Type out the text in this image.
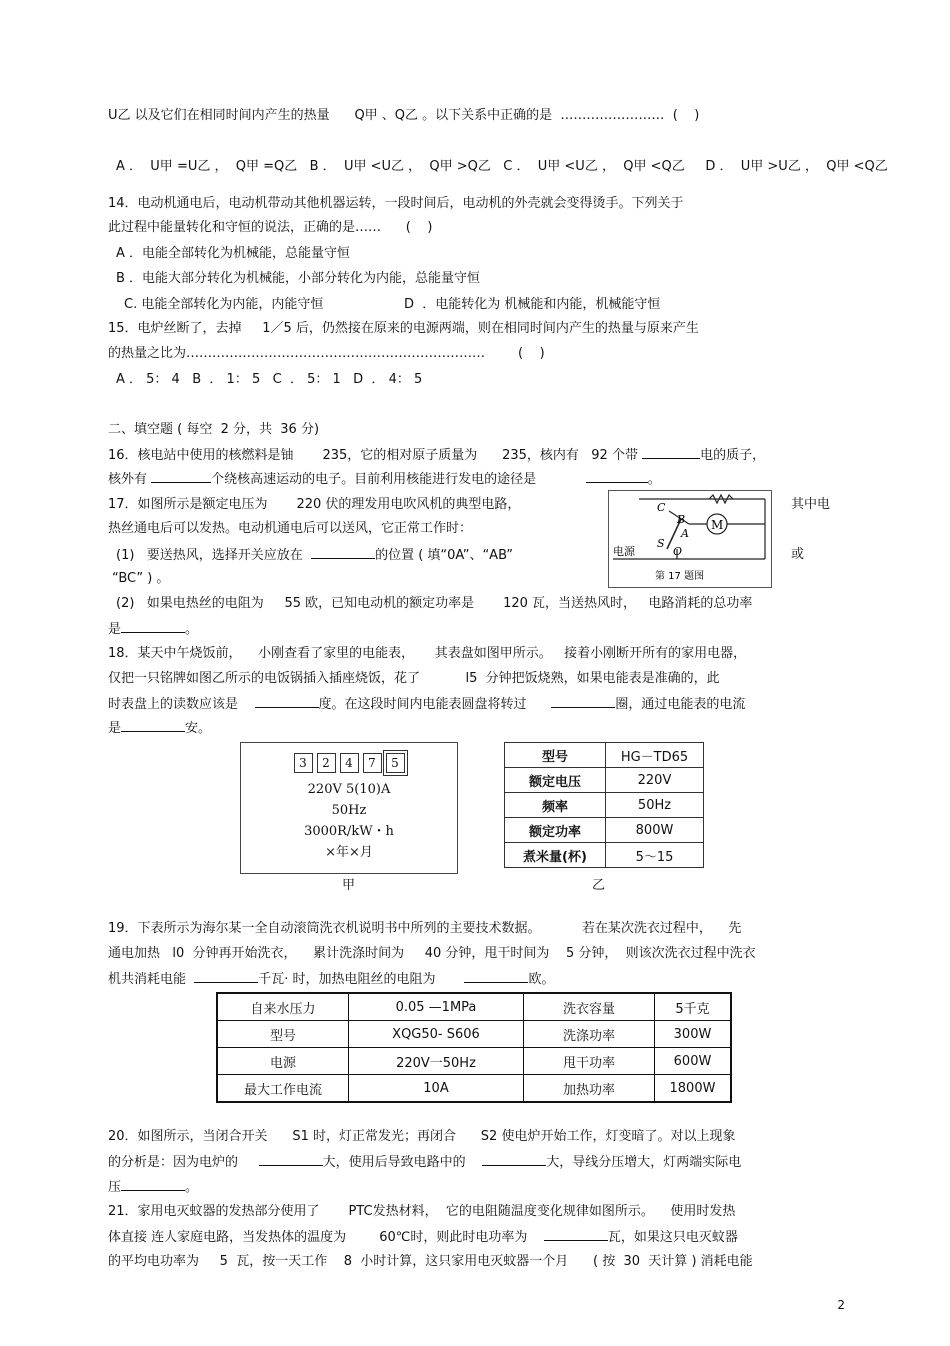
U乙 以及它们在相同时间内产生的热量      Q甲 、Q乙 。以下关系中正确的是  ……………………  (    )
A ．  U甲 =U乙 ，  Q甲 =Q乙   B ．  U甲 <U乙 ，  Q甲 >Q乙   C ．  U甲 <U乙 ，  Q甲 <Q乙     D ．  U甲 >U乙 ，  Q甲 <Q乙
14．电动机通电后，电动机带动其他机器运转，一段时间后，电动机的外壳就会变得烫手。下列关于
此过程中能量转化和守恒的说法，正确的是……      (    )
A ．电能全部转化为机械能，总能量守恒
B ．电能大部分转化为机械能，小部分转化为内能，总能量守恒
C. 电能全部转化为内能，内能守恒	D  ．电能转化为 机械能和内能，机械能守恒
15．电炉丝断了，去掉     1／5 后，仍然接在原来的电源两端，则在相同时间内产生的热量与原来产生
的热量之比为……………………………………………………………        (    )
A ． 5： 4   B  ． 1： 5   C  ． 5： 1   D  ． 4： 5
二、填空题 ( 每空  2 分，共  36 分)
16．核电站中使用的核燃料是铀       235，它的相对原子质量为      235，核内有   92 个带	电的质子，
核外有	个绕核高速运动的电子。目前利用核能进行发电的途径是	。
17．如图所示是额定电压为       220 伏的理发用电吹风机的典型电路，	其中电
热丝通电后可以发热。电动机通电后可以送风，它正常工作时：
(1)   要送热风，选择开关应放在	的位置 ( 填“0A”、“AB”	或
“BC” ) 。
(2)   如果电热丝的电阻为     55 欧，已知电动机的额定功率是       120 瓦，当送热风时，   电路消耗的总功率
是	。
M
C
B
A
S
O
电源
第 17 题图
18．某天中午烧饭前，    小刚查看了家里的电能表，     其表盘如图甲所示。   接着小刚断开所有的家用电器，
仅把一只铭牌如图乙所示的电饭锅插入插座烧饭，花了           l5  分钟把饭烧熟，如果电能表是准确的，此
时表盘上的读数应该是	度。在这段时间内电能表圆盘将转过	圈，通过电能表的电流
是	安。
3	2	4	7	5
220V 5(10)A
50Hz
3000R/kW・h
×年×月
甲
型号	HG－TD65
额定电压	220V
频率	50Hz
额定功率	800W
煮米量(杯)	5～15
乙
19．下表所示为海尔某一全自动滚筒洗衣机说明书中所列的主要技术数据。          若在某次洗衣过程中，    先
通电加热   l0  分钟再开始洗衣，    累计洗涤时间为     40 分钟，甩干时间为    5 分钟，  则该次洗衣过程中洗衣
机共消耗电能	千瓦· 时，加热电阻丝的电阻为	欧。
自来水压力	0.05 —1MPa	洗衣容量	5千克
型号	XQG50- S606	洗涤功率	300W
电源	220V一50Hz	甩干功率	600W
最大工作电流	10A	加热功率	1800W
20．如图所示，当闭合开关      S1 时，灯正常发光；再闭合      S2 使电炉开始工作，灯变暗了。对以上现象
的分析是：因为电炉的	大，使用后导致电路中的	大，导线分压增大，灯两端实际电
压	。
21．家用电灭蚊器的发热部分使用了       PTC发热材料，  它的电阻随温度变化规律如图所示。    使用时发热
体直接 连人家庭电路，当发热体的温度为        60℃时，则此时电功率为	瓦，如果这只电灭蚊器
的平均电功率为     5  瓦，按一天工作    8  小时计算，这只家用电灭蚊器一个月      ( 按  30  天计算 ) 消耗电能
2
